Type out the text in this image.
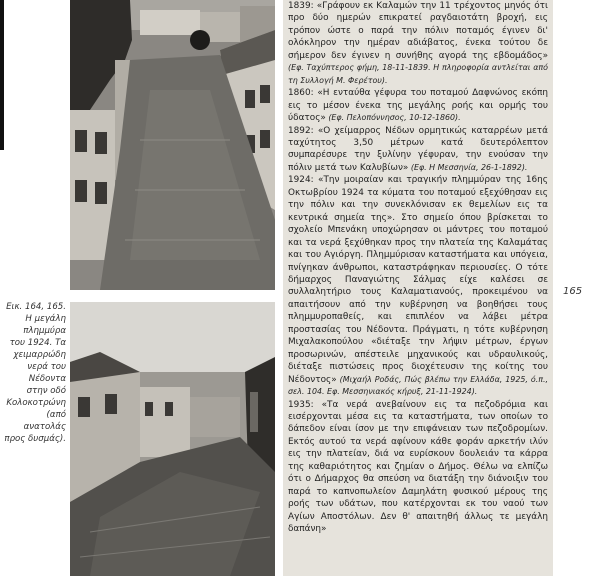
Εικ. 164, 165.

Η μεγάλη

πλημμύρα

του 1924. Τα

χειμαρρώδη

νερά του

Νέδοντα

στην οδό

Κολοκοτρώνη

(από ανατολάς

προς δυσμάς).

1839: «Γράφουν εκ Καλαμών την 11 τρέχοντος μηνός ότι προ δύο ημερών επικρατεί ραγδαιοτάτη βροχή, εις τρόπον ώστε ο παρά την πόλιν ποταμός έγινεν δι' ολόκληρον την ημέραν αδιάβατος, ένεκα τούτου δε σήμερον δεν έγινεν η συνήθης αγορά της εβδομάδος» (Εφ. Ταχύπτερος φήμη, 18-11-1839. Η πληροφορία αντλείται από τη Συλλογή Μ. Φερέτου).

1860: «Η ενταύθα γέφυρα του ποταμού Δαφνώνος εκόπη εις το μέσον ένεκα της μεγάλης ροής και ορμής του ύδατος» (Εφ. Πελοπόννησος, 10-12-1860).

1892: «Ο χείμαρρος Νέδων ορμητικώς καταρρέων μετά ταχύτητος 3,50 μέτρων κατά δευτερόλεπτον συμπαρέσυρε την ξυλίνην γέφυραν, την ενούσαν την πόλιν μετά των Καλυβίων» (Εφ. Η Μεσσηνία, 26-1-1892).

1924: «Την μοιραίαν και τραγικήν πλημμύραν της 16ης Οκτωβρίου 1924 τα κύματα του ποταμού εξεχύθησαν εις την πόλιν και την συνεκλόνισαν εκ θεμελίων εις τα κεντρικά σημεία της». Στο σημείο όπου βρίσκεται το σχολείο Μπενάκη υποχώρησαν οι μάντρες του ποταμού και τα νερά ξεχύθηκαν προς την πλατεία της Καλαμάτας και του Αγιόργη. Πλημμύρισαν καταστήματα και υπόγεια, πνίγηκαν άνθρωποι, καταστράφηκαν περιουσίες. Ο τότε δήμαρχος Παναγιώτης Σάλμας είχε καλέσει σε συλλαλητήριο τους Καλαματιανούς, προκειμένου να απαιτήσουν από την κυβέρνηση να βοηθήσει τους πλημμυροπαθείς, και επιπλέον να λάβει μέτρα προστασίας του Νέδοντα. Πράγματι, η τότε κυβέρνηση Μιχαλακοπούλου «διέταξε την λήψιν μέτρων, έργων προσωρινών, απέστειλε μηχανικούς και υδραυλικούς, διέταξε πιστώσεις προς διοχέτευσιν της κοίτης του Νέδοντος» (Μιχαήλ Ροδάς, Πώς βλέπω την Ελλάδα, 1925, ό.π., σελ. 104. Εφ. Μεσσηνιακός κήρυξ, 21-11-1924).

1935: «Τα νερά ανεβαίνουν εις τα πεζοδρόμια και εισέρχονται μέσα εις τα καταστήματα, των οποίων το δάπεδον είναι ίσον με την επιφάνειαν των πεζοδρομίων. Εκτός αυτού τα νερά αφίνουν κάθε φοράν αρκετήν ιλύν εις την πλατείαν, διά να ευρίσκουν δουλειάν τα κάρρα της καθαριότητος και ζημίαν ο Δήμος. Θέλω να ελπίζω ότι ο Δήμαρχος θα σπεύση να διατάξη την διάνοιξιν του παρά το καπνοπωλείον Δαμηλάτη φυσικού μέρους της ροής των υδάτων, που κατέρχονται εκ του ναού των Αγίων Αποστόλων. Δεν θ' απαιτηθή άλλως τε μεγάλη δαπάνη»

165
